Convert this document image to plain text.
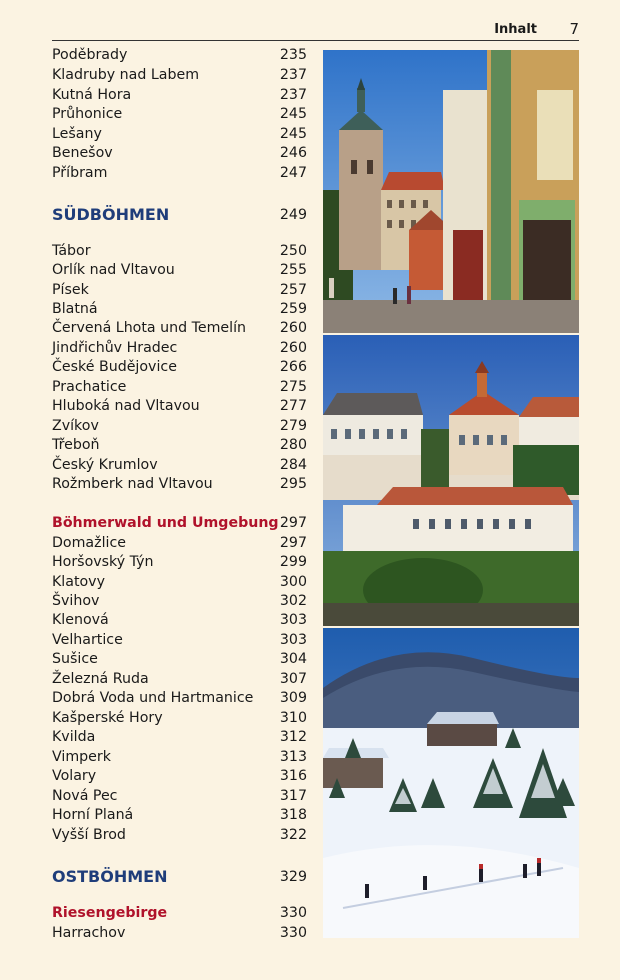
Inhalt 7
Poděbrady	235
Kladruby nad Labem	237
Kutná Hora	237
Průhonice	245
Lešany	245
Benešov	246
Příbram	247
SÜDBÖHMEN	249
Tábor	250
Orlík nad Vltavou	255
Písek	257
Blatná	259
Červená Lhota und Temelín 260
Jindřichův Hradec	260
České Budějovice	266
Prachatice	275
Hluboká nad Vltavou	277
Zvíkov	279
Třeboň	280
Český Krumlov	284
Rožmberk nad Vltavou	295
Böhmerwald und Umgebung 297
Domažlice	297
Horšovský Týn	299
Klatovy	300
Švihov	302
Klenová	303
Velhartice	303
Sušice	304
Železná Ruda	307
Dobrá Voda und Hartmanice 309
Kašperské Hory	310
Kvilda	312
Vimperk	313
Volary	316
Nová Pec	317
Horní Planá	318
Vyšší Brod	322
OSTBÖHMEN	329
Riesengebirge	330
Harrachov	330
